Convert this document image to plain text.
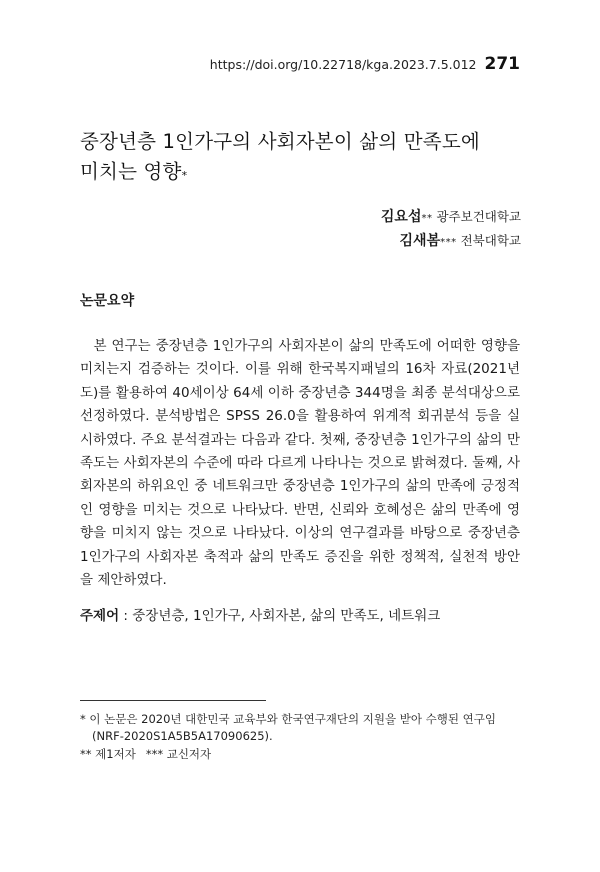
https://doi.org/10.22718/kga.2023.7.5.012 271
중장년층 1인가구의 사회자본이 삶의 만족도에
미치는 영향*
김요섭** 광주보건대학교
김새봄*** 전북대학교
논문요약

본 연구는 중장년층 1인가구의 사회자본이 삶의 만족도에 어떠한 영향을 미치는지 검증하는 것이다. 이를 위해 한국복지패널의 16차 자료(2021년도)를 활용하여 40세이상 64세 이하 중장년층 344명을 최종 분석대상으로 선정하였다. 분석방법은 SPSS 26.0을 활용하여 위계적 회귀분석 등을 실시하였다. 주요 분석결과는 다음과 같다. 첫째, 중장년층 1인가구의 삶의 만족도는 사회자본의 수준에 따라 다르게 나타나는 것으로 밝혀졌다. 둘째, 사회자본의 하위요인 중 네트워크만 중장년층 1인가구의 삶의 만족에 긍정적인 영향을 미치는 것으로 나타났다. 반면, 신뢰와 호혜성은 삶의 만족에 영향을 미치지 않는 것으로 나타났다. 이상의 연구결과를 바탕으로 중장년층 1인가구의 사회자본 축적과 삶의 만족도 증진을 위한 정책적, 실천적 방안을 제안하였다.

주제어 : 중장년층, 1인가구, 사회자본, 삶의 만족도, 네트워크
* 이 논문은 2020년 대한민국 교육부와 한국연구재단의 지원을 받아 수행된 연구임(NRF-2020S1A5B5A17090625).
** 제1저자 *** 교신저자
